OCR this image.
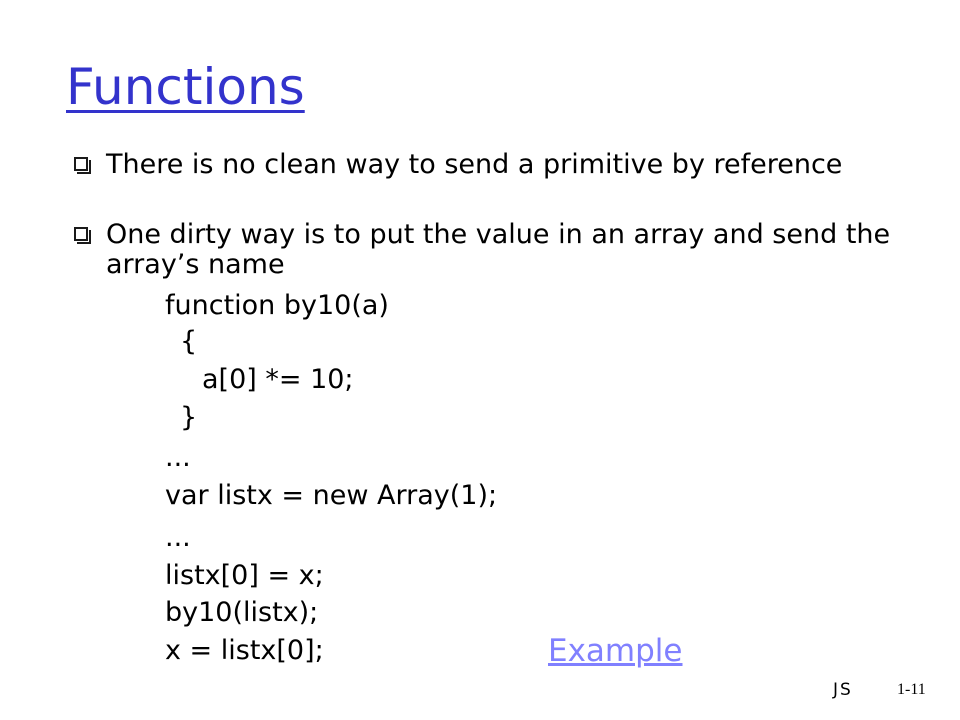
Functions
There is no clean way to send a primitive by reference
One dirty way is to put the value in an array and send the array’s name
function by10(a)
{
a[0] *= 10;
}
...
var listx = new Array(1);
...
listx[0] = x;
by10(listx);
x = listx[0];	Example
JS	1-11
